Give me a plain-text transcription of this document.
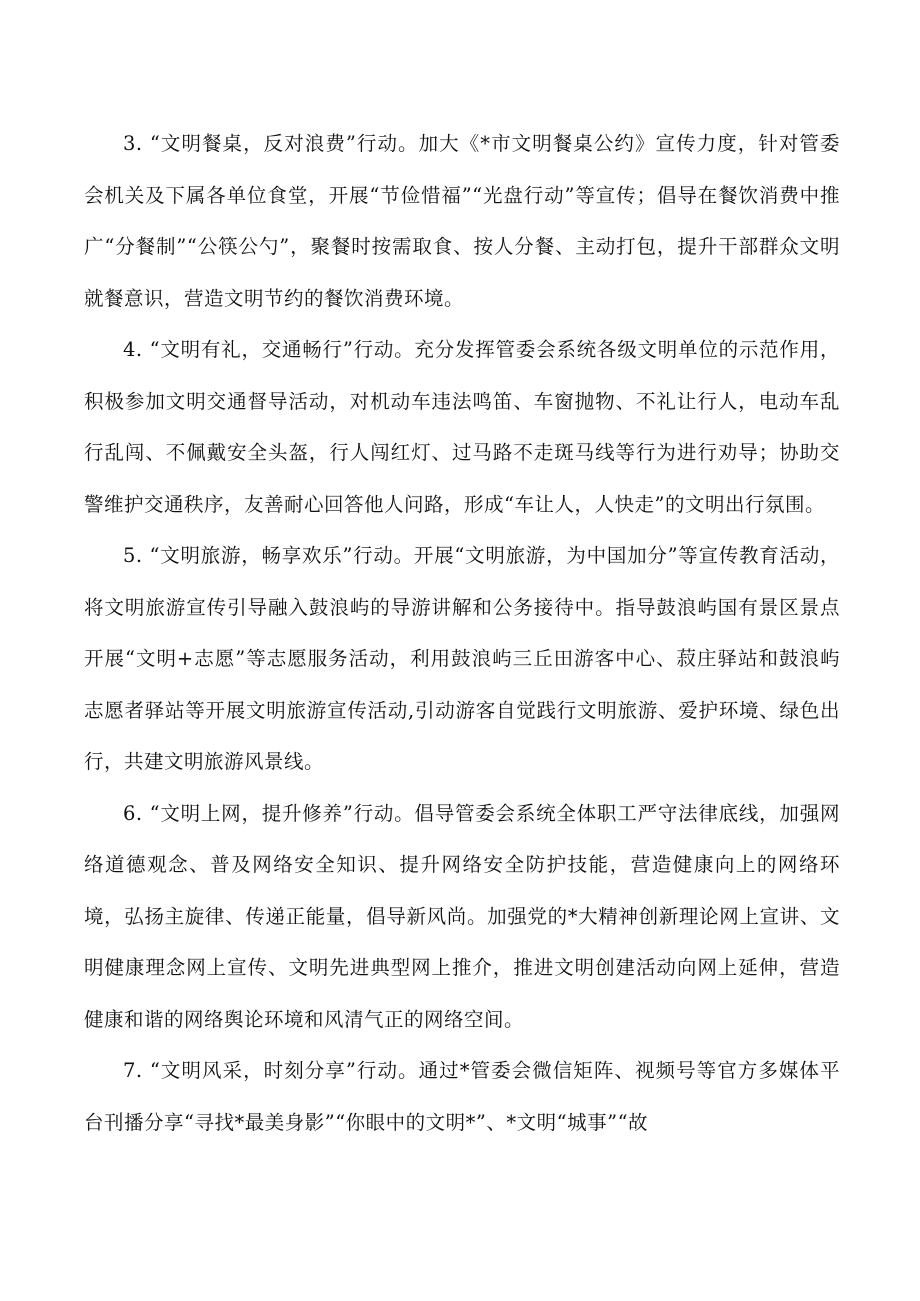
3. “文明餐桌，反对浪费”行动。加大《*市文明餐桌公约》宣传力度，针对管委会机关及下属各单位食堂，开展“节俭惜福”“光盘行动”等宣传；倡导在餐饮消费中推广“分餐制”“公筷公勺”，聚餐时按需取食、按人分餐、主动打包，提升干部群众文明就餐意识，营造文明节约的餐饮消费环境。

4. “文明有礼，交通畅行”行动。充分发挥管委会系统各级文明单位的示范作用，积极参加文明交通督导活动，对机动车违法鸣笛、车窗抛物、不礼让行人，电动车乱行乱闯、不佩戴安全头盔，行人闯红灯、过马路不走斑马线等行为进行劝导；协助交警维护交通秩序，友善耐心回答他人问路，形成“车让人，人快走”的文明出行氛围。

5. “文明旅游，畅享欢乐”行动。开展“文明旅游，为中国加分”等宣传教育活动，将文明旅游宣传引导融入鼓浪屿的导游讲解和公务接待中。指导鼓浪屿国有景区景点开展“文明+志愿”等志愿服务活动，利用鼓浪屿三丘田游客中心、菽庄驿站和鼓浪屿志愿者驿站等开展文明旅游宣传活动,引动游客自觉践行文明旅游、爱护环境、绿色出行，共建文明旅游风景线。

6. “文明上网，提升修养”行动。倡导管委会系统全体职工严守法律底线，加强网络道德观念、普及网络安全知识、提升网络安全防护技能，营造健康向上的网络环境，弘扬主旋律、传递正能量，倡导新风尚。加强党的*大精神创新理论网上宣讲、文明健康理念网上宣传、文明先进典型网上推介，推进文明创建活动向网上延伸，营造健康和谐的网络舆论环境和风清气正的网络空间。

7. “文明风采，时刻分享”行动。通过*管委会微信矩阵、视频号等官方多媒体平台刊播分享“寻找*最美身影”“你眼中的文明*”、*文明“城事”“故
